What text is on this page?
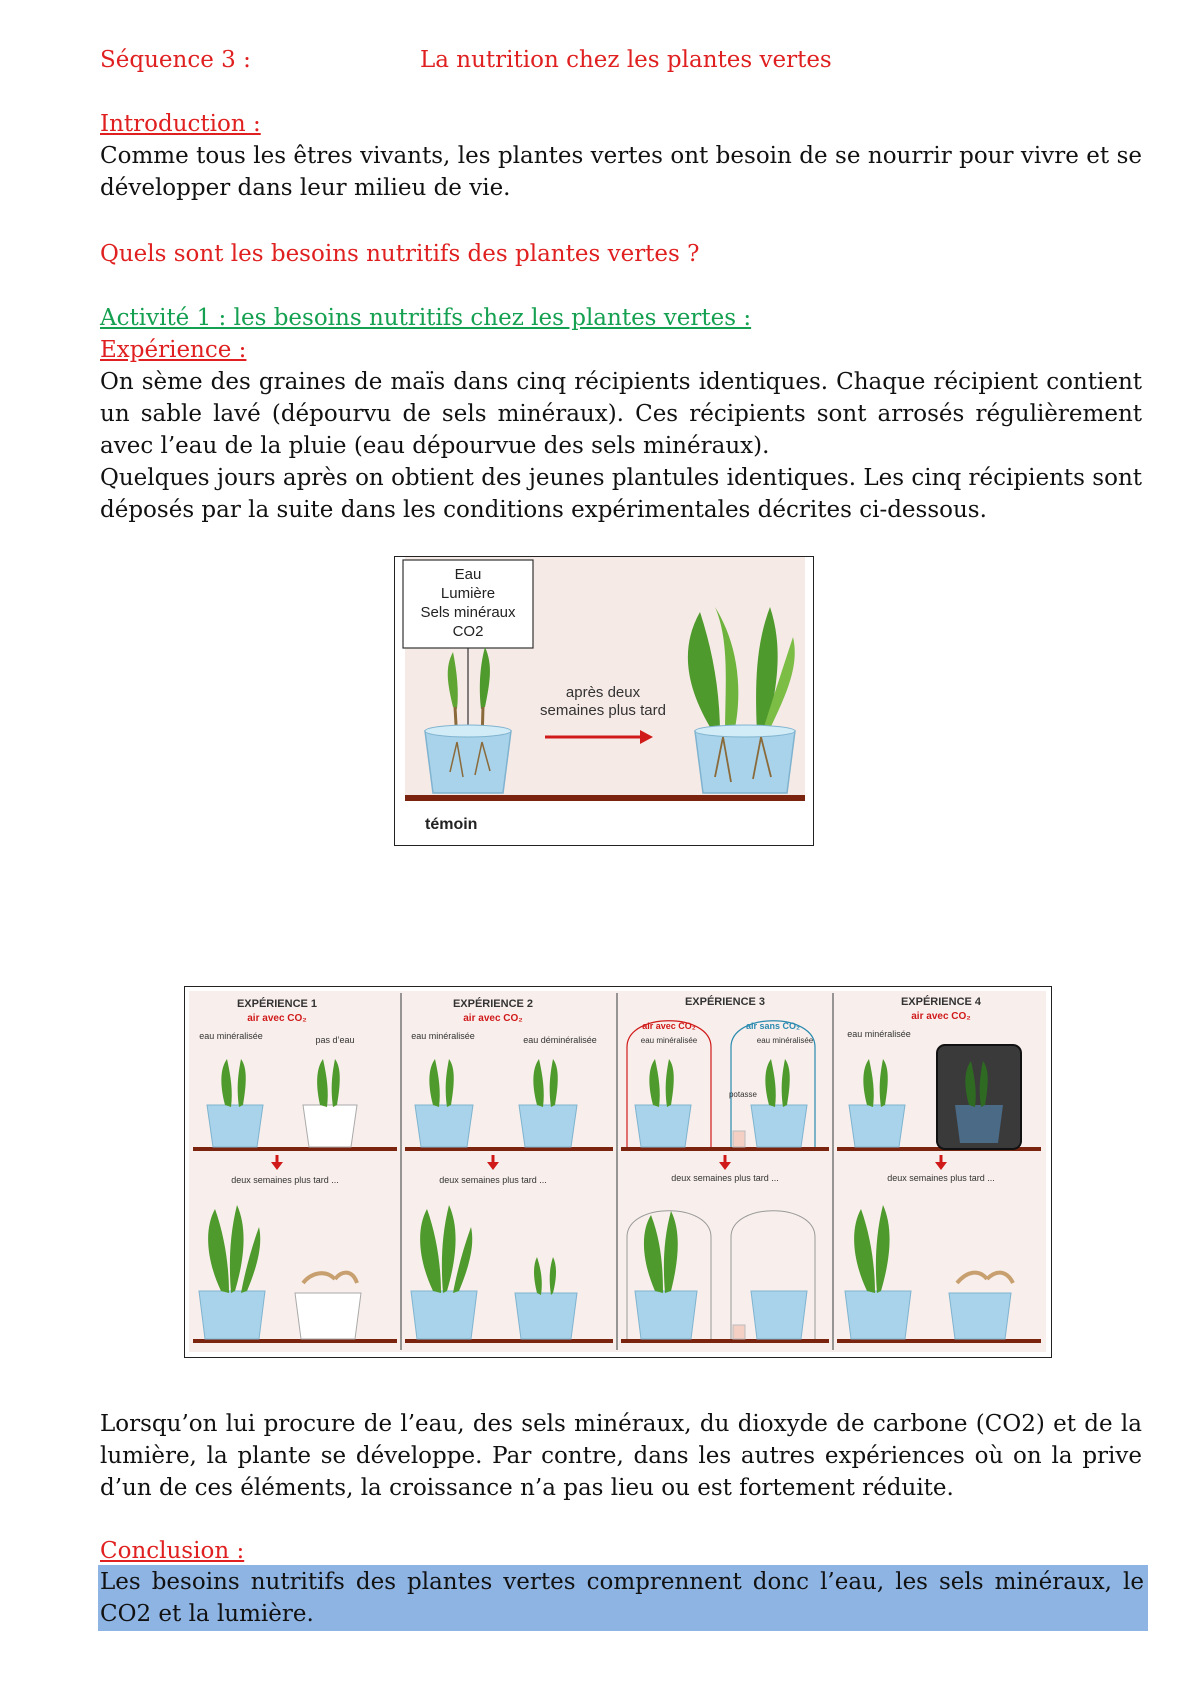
Séquence 3 :	La nutrition chez les plantes vertes
Introduction :
Comme tous les êtres vivants, les plantes vertes ont besoin de se nourrir pour vivre et se développer dans leur milieu de vie.
Quels sont les besoins nutritifs des plantes vertes ?
Activité 1 : les besoins nutritifs chez les plantes vertes :
Expérience :
On sème des graines de maïs dans cinq récipients identiques. Chaque récipient contient un sable lavé (dépourvu de sels minéraux). Ces récipients sont arrosés régulièrement avec l’eau de la pluie (eau dépourvue des sels minéraux).
Quelques jours après on obtient des jeunes plantules identiques. Les cinq récipients sont déposés par la suite dans les conditions expérimentales décrites ci-dessous.
Eau
Lumière
Sels minéraux
CO2
après deux
semaines plus tard
témoin
EXPÉRIENCE 1
air avec CO₂
eau minéralisée	pas d’eau
deux semaines plus tard ...
EXPÉRIENCE 2
air avec CO₂
eau minéralisée	eau déminéralisée
deux semaines plus tard ...
EXPÉRIENCE 3
air avec CO₂	air sans CO₂
eau minéralisée	eau minéralisée
potasse
deux semaines plus tard ...
EXPÉRIENCE 4
air avec CO₂
eau minéralisée
deux semaines plus tard ...
Lorsqu’on lui procure de l’eau, des sels minéraux, du dioxyde de carbone (CO2) et de la lumière, la plante se développe. Par contre, dans les autres expériences où on la prive d’un de ces éléments, la croissance n’a pas lieu ou est fortement réduite.
Conclusion :
Les besoins nutritifs des plantes vertes comprennent donc l’eau, les sels minéraux, le CO2 et la lumière.
